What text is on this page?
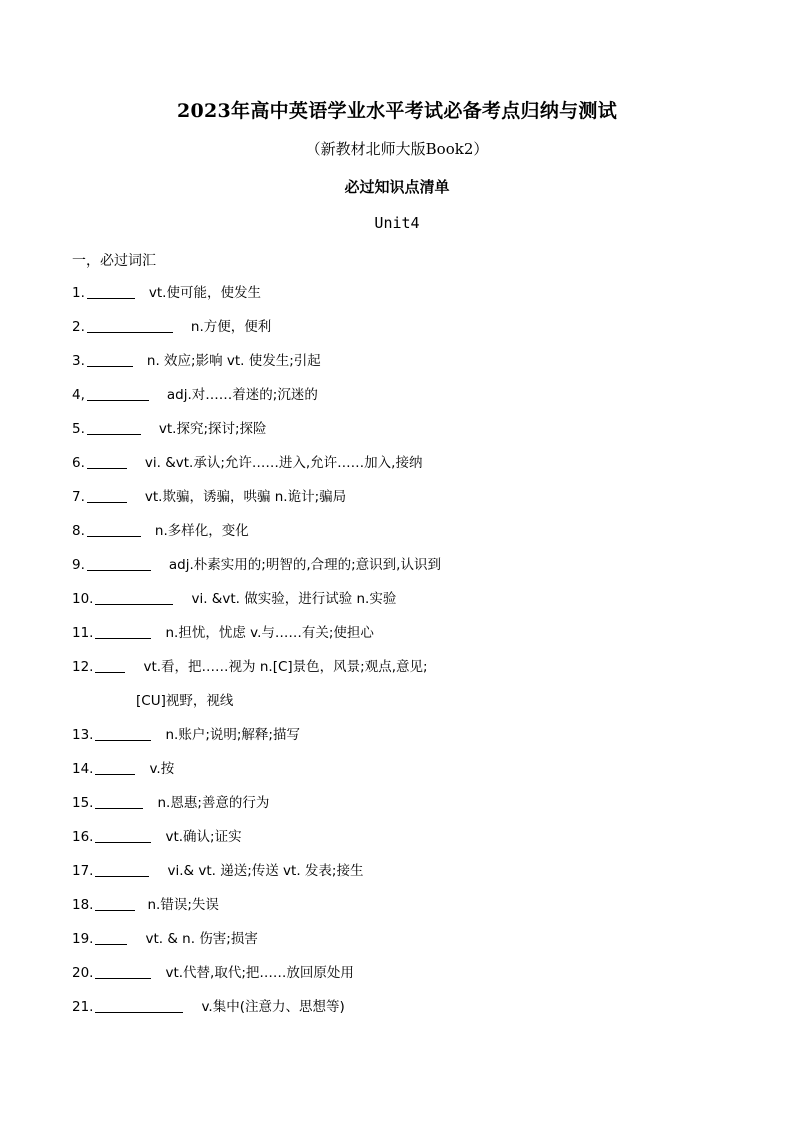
2023年高中英语学业水平考试必备考点归纳与测试
（新教材北师大版Book2）
必过知识点清单
Unit4
一，必过词汇
1.	vt.使可能，使发生
2.	n.方便，便利
3.	n. 效应;影响 vt. 使发生;引起
4,	adj.对……着迷的;沉迷的
5.	vt.探究;探讨;探险
6.	vi. &vt.承认;允许……进入,允许……加入,接纳
7.	vt.欺骗，诱骗，哄骗 n.诡计;骗局
8.	n.多样化，变化
9.	adj.朴素实用的;明智的,合理的;意识到,认识到
10.	vi. &vt. 做实验，进行试验 n.实验
11.	n.担忧，忧虑 v.与……有关;使担心
12.	vt.看，把……视为 n.[C]景色，风景;观点,意见;
[CU]视野，视线
13.	n.账户;说明;解释;描写
14.	v.按
15.	n.恩惠;善意的行为
16.	vt.确认;证实
17.	vi.& vt. 递送;传送 vt. 发表;接生
18.	n.错误;失误
19.	vt. & n. 伤害;损害
20.	vt.代替,取代;把……放回原处用
21.	v.集中(注意力、思想等)
